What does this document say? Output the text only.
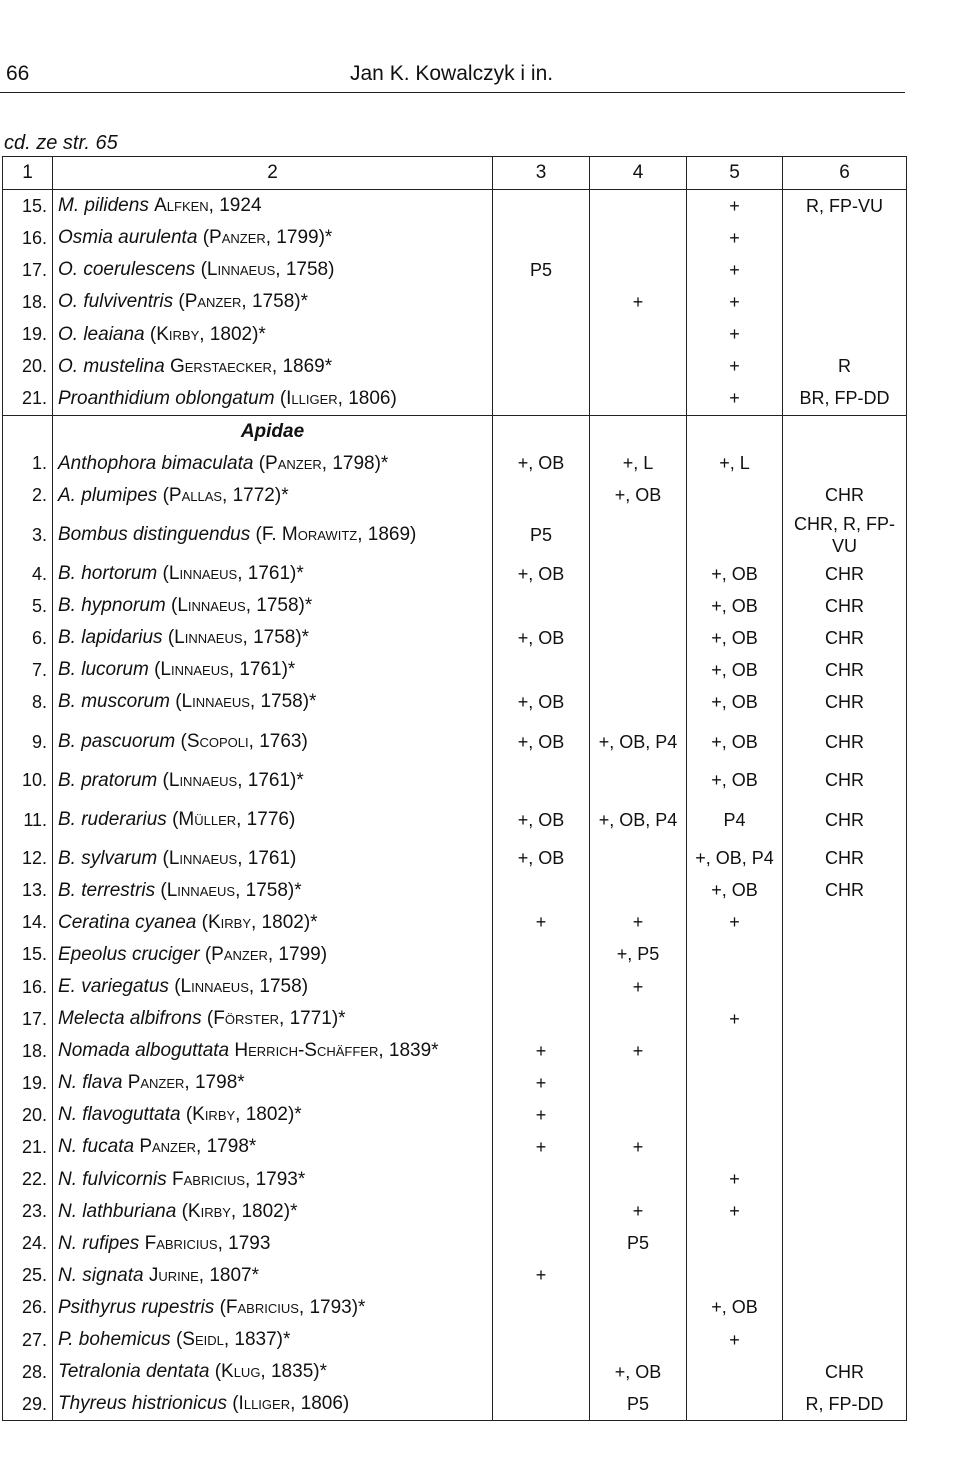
66	Jan K. Kowalczyk i in.
cd. ze str. 65
1	2	3	4	5	6
15.	M. pilidens Alfken, 1924			+	R, FP-VU
16.	Osmia aurulenta (Panzer, 1799)*			+	
17.	O. coerulescens (Linnaeus, 1758)	P5		+	
18.	O. fulviventris (Panzer, 1758)*		+	+	
19.	O. leaiana (Kirby, 1802)*			+	
20.	O. mustelina Gerstaecker, 1869*			+	R
21.	Proanthidium oblongatum (Illiger, 1806)			+	BR, FP-DD
	Apidae				
1.	Anthophora bimaculata (Panzer, 1798)*	+, OB	+, L	+, L	
2.	A. plumipes (Pallas, 1772)*		+, OB		CHR
3.	Bombus distinguendus (F. Morawitz, 1869)	P5			CHR, R, FP-VU
4.	B. hortorum (Linnaeus, 1761)*	+, OB		+, OB	CHR
5.	B. hypnorum (Linnaeus, 1758)*			+, OB	CHR
6.	B. lapidarius (Linnaeus, 1758)*	+, OB		+, OB	CHR
7.	B. lucorum (Linnaeus, 1761)*			+, OB	CHR
8.	B. muscorum (Linnaeus, 1758)*	+, OB		+, OB	CHR
9.	B. pascuorum (Scopoli, 1763)	+, OB	+, OB, P4	+, OB	CHR
10.	B. pratorum (Linnaeus, 1761)*			+, OB	CHR
11.	B. ruderarius (Müller, 1776)	+, OB	+, OB, P4	P4	CHR
12.	B. sylvarum (Linnaeus, 1761)	+, OB		+, OB, P4	CHR
13.	B. terrestris (Linnaeus, 1758)*			+, OB	CHR
14.	Ceratina cyanea (Kirby, 1802)*	+	+	+	
15.	Epeolus cruciger (Panzer, 1799)		+, P5		
16.	E. variegatus (Linnaeus, 1758)		+		
17.	Melecta albifrons (Förster, 1771)*			+	
18.	Nomada alboguttata Herrich-Schäffer, 1839*	+	+		
19.	N. flava Panzer, 1798*	+			
20.	N. flavoguttata (Kirby, 1802)*	+			
21.	N. fucata Panzer, 1798*	+	+		
22.	N. fulvicornis Fabricius, 1793*			+	
23.	N. lathburiana (Kirby, 1802)*		+	+	
24.	N. rufipes Fabricius, 1793		P5		
25.	N. signata Jurine, 1807*	+			
26.	Psithyrus rupestris (Fabricius, 1793)*			+, OB	
27.	P. bohemicus (Seidl, 1837)*			+	
28.	Tetralonia dentata (Klug, 1835)*		+, OB		CHR
29.	Thyreus histrionicus (Illiger, 1806)		P5		R, FP-DD
